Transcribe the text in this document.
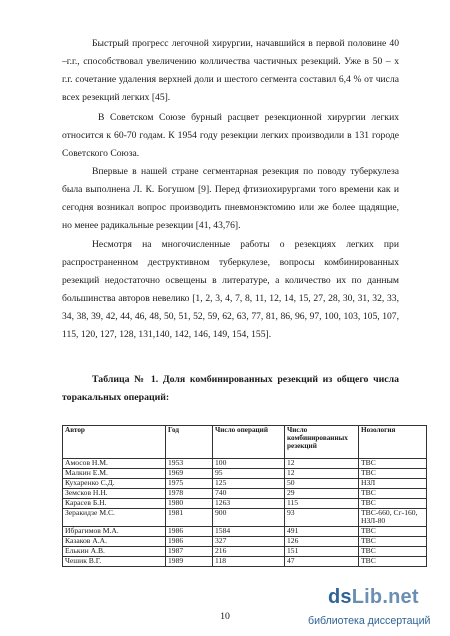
Быстрый прогресс легочной хирургии, начавшийся в первой половине 40 –г.г., способствовал увеличению колличества частичных резекций. Уже в 50 – х г.г. сочетание удаления верхней доли и шестого сегмента составил 6,4 % от числа всех резекций легких [45].

В Советском Союзе бурный расцвет резекционной хирургии легких относится к 60-70 годам. К 1954 году резекции легких производили в 131 городе Советского Союза.

Впервые в нашей стране сегментарная резекция по поводу туберкулеза была выполнена Л. К. Богушом [9]. Перед фтизиохирургами того времени как и сегодня возникал вопрос производить пневмонэктомию или же более щадящие, но менее радикальные резекции [41, 43,76].

Несмотря на многочисленные работы о резекциях легких при распространенном деструктивном туберкулезе, вопросы комбинированных резекций недостаточно освещены в литературе, а количество их по данным большинства авторов невелико [1, 2, 3, 4, 7, 8, 11, 12, 14, 15, 27, 28, 30, 31, 32, 33, 34, 38, 39, 42, 44, 46, 48, 50, 51, 52, 59, 62, 63, 77, 81, 86, 96, 97, 100, 103, 105, 107, 115, 120, 127, 128, 131,140, 142, 146, 149, 154, 155].

Таблица № 1. Доля комбинированных резекций из общего числа торакальных операций:

Автор	Год	Число операций	Число комбинированных резекций	Нозология
Амосов Н.М.	1953	100	12	ТВС
Малкин Е.М.	1969	95	12	ТВС
Кухаренко С.Д.	1975	125	50	НЗЛ
Земсков Н.Н.	1978	740	29	ТВС
Карасев Б.Н.	1980	1263	115	ТВС
Зеракидзе М.С.	1981	900	93	ТВС-660, Сг-160, НЗЛ-80
Ибрагимов М.А.	1986	1584	491	ТВС
Казаков А.А.	1986	327	126	ТВС
Елькин А.В.	1987	216	151	ТВС
Чешик В.Г.	1989	118	47	ТВС
10
dsLib.net
библиотека диссертаций
